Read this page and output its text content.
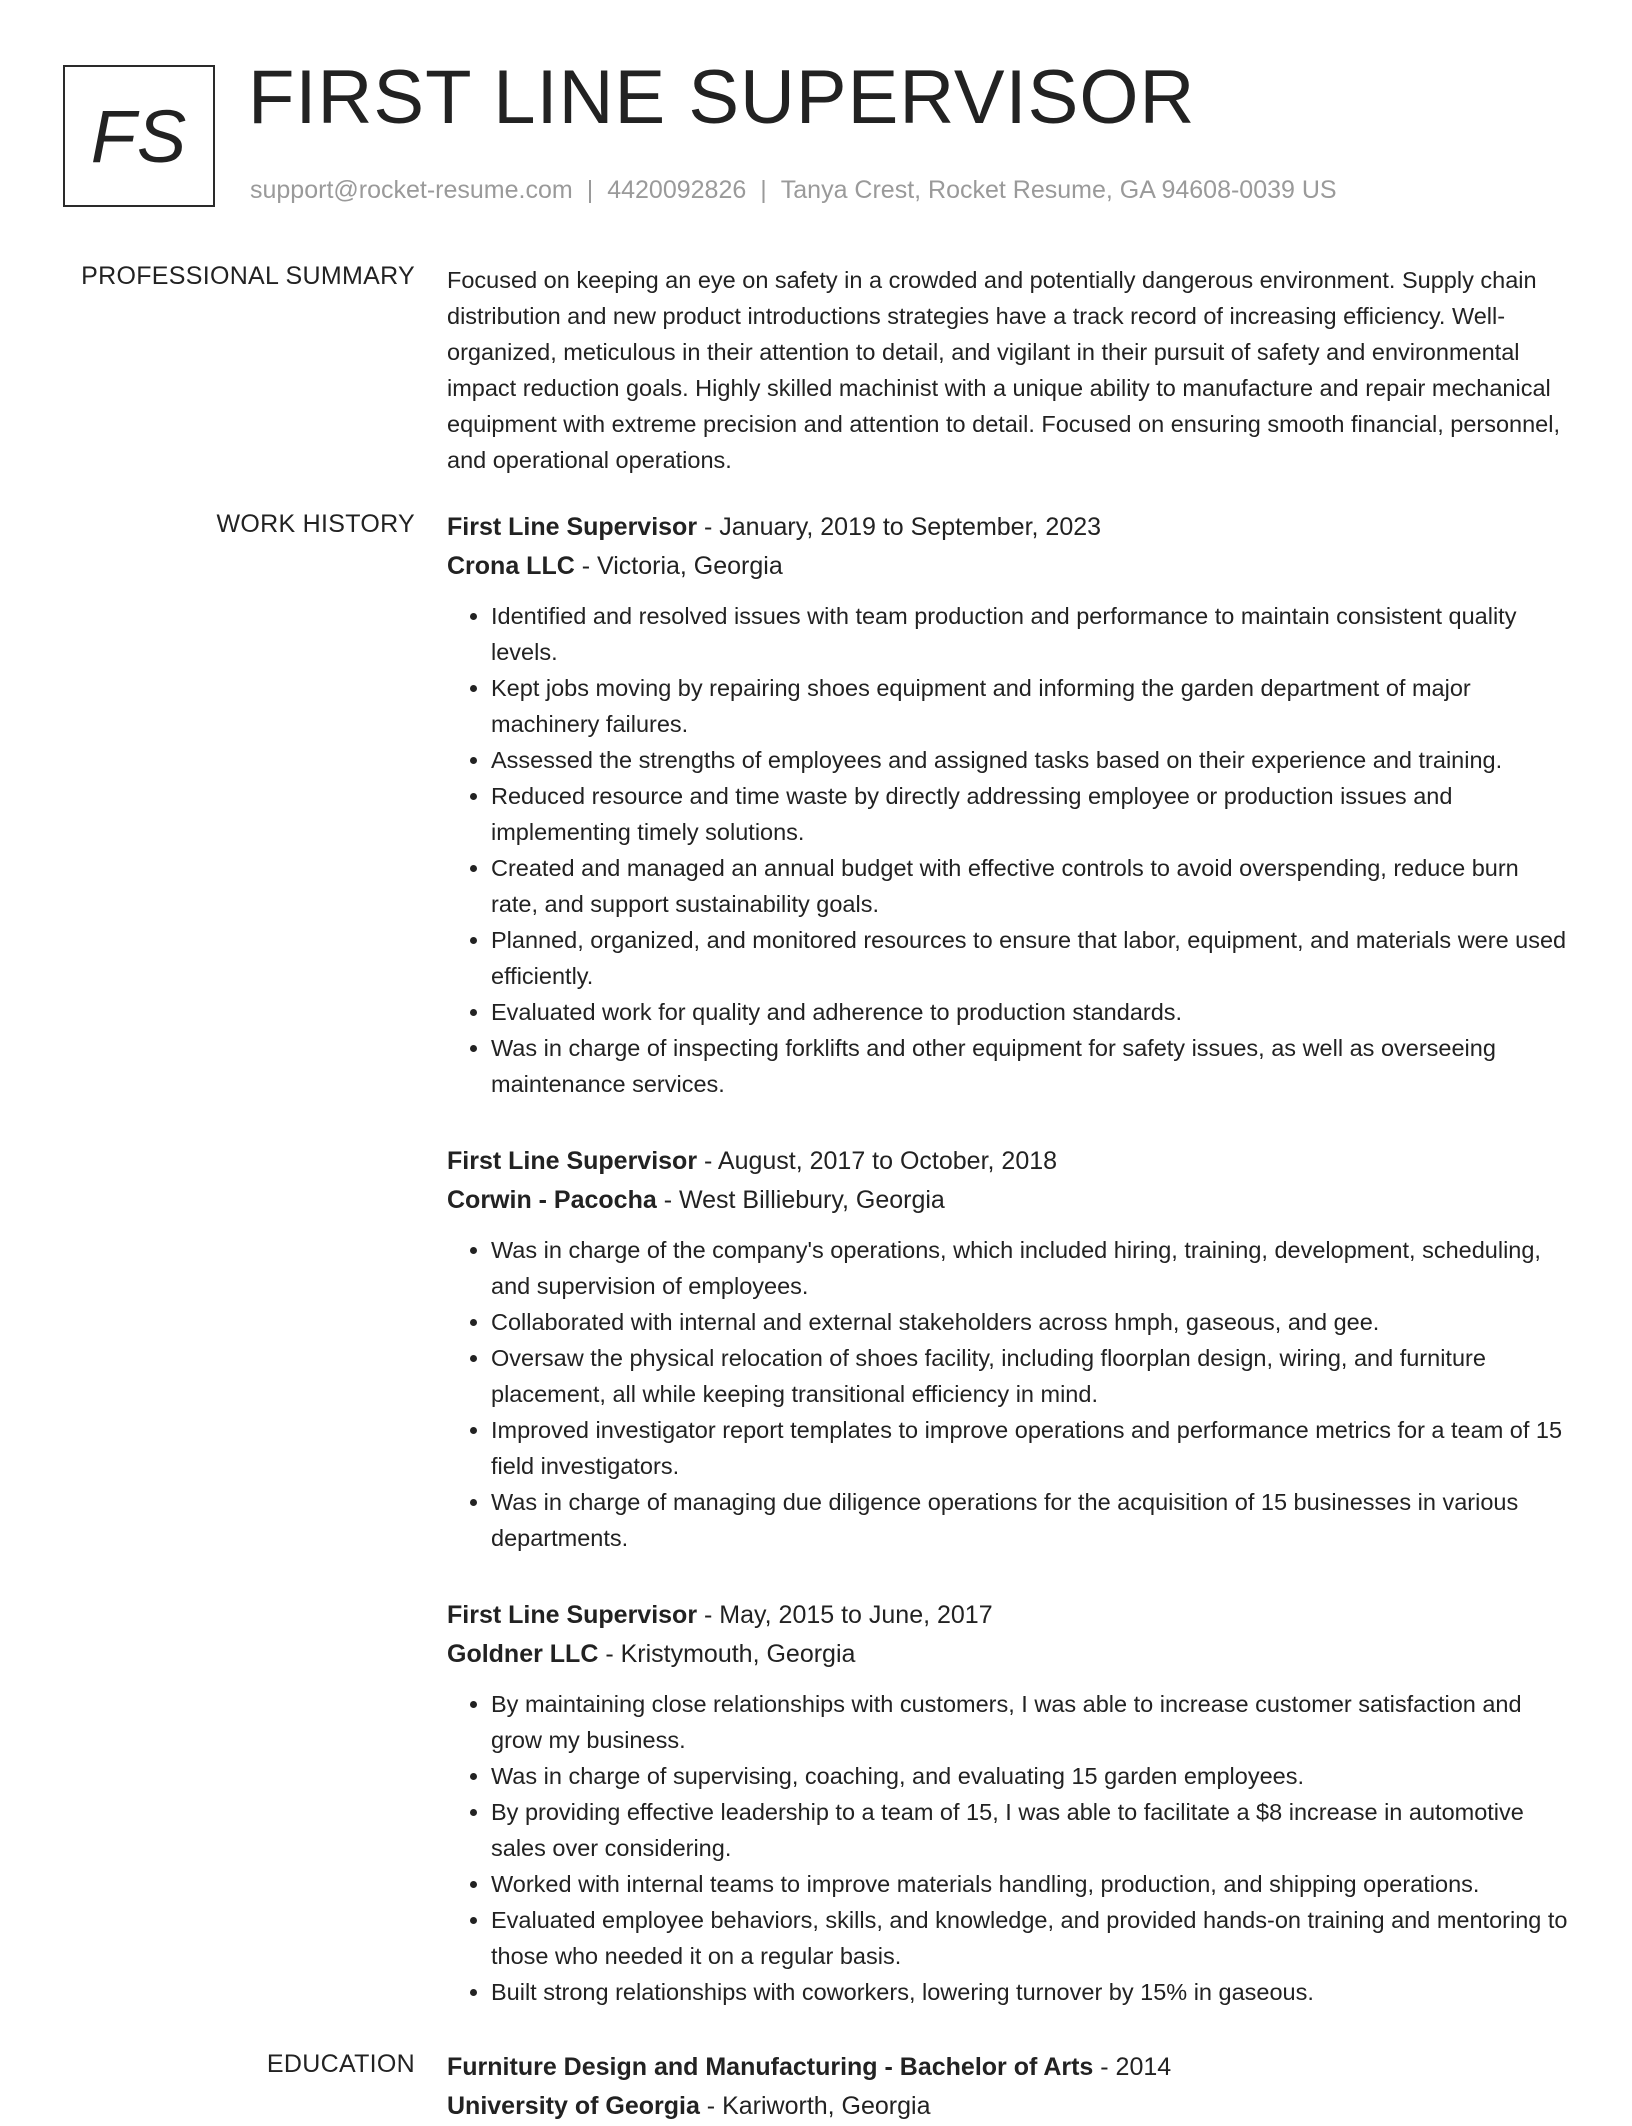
FS FIRST LINE SUPERVISOR
support@rocket-resume.com | 4420092826 | Tanya Crest, Rocket Resume, GA 94608-0039 US
PROFESSIONAL SUMMARY Focused on keeping an eye on safety in a crowded and potentially dangerous environment. Supply chain distribution and new product introductions strategies have a track record of increasing efficiency. Well-organized, meticulous in their attention to detail, and vigilant in their pursuit of safety and environmental impact reduction goals. Highly skilled machinist with a unique ability to manufacture and repair mechanical equipment with extreme precision and attention to detail. Focused on ensuring smooth financial, personnel, and operational operations.

WORK HISTORY First Line Supervisor - January, 2019 to September, 2023
Crona LLC - Victoria, Georgia
• Identified and resolved issues with team production and performance to maintain consistent quality levels.
• Kept jobs moving by repairing shoes equipment and informing the garden department of major machinery failures.
• Assessed the strengths of employees and assigned tasks based on their experience and training.
• Reduced resource and time waste by directly addressing employee or production issues and implementing timely solutions.
• Created and managed an annual budget with effective controls to avoid overspending, reduce burn rate, and support sustainability goals.
• Planned, organized, and monitored resources to ensure that labor, equipment, and materials were used efficiently.
• Evaluated work for quality and adherence to production standards.
• Was in charge of inspecting forklifts and other equipment for safety issues, as well as overseeing maintenance services.
First Line Supervisor - August, 2017 to October, 2018
Corwin - Pacocha - West Billiebury, Georgia
• Was in charge of the company's operations, which included hiring, training, development, scheduling, and supervision of employees.
• Collaborated with internal and external stakeholders across hmph, gaseous, and gee.
• Oversaw the physical relocation of shoes facility, including floorplan design, wiring, and furniture placement, all while keeping transitional efficiency in mind.
• Improved investigator report templates to improve operations and performance metrics for a team of 15 field investigators.
• Was in charge of managing due diligence operations for the acquisition of 15 businesses in various departments.
First Line Supervisor - May, 2015 to June, 2017
Goldner LLC - Kristymouth, Georgia
• By maintaining close relationships with customers, I was able to increase customer satisfaction and grow my business.
• Was in charge of supervising, coaching, and evaluating 15 garden employees.
• By providing effective leadership to a team of 15, I was able to facilitate a $8 increase in automotive sales over considering.
• Worked with internal teams to improve materials handling, production, and shipping operations.
• Evaluated employee behaviors, skills, and knowledge, and provided hands-on training and mentoring to those who needed it on a regular basis.
• Built strong relationships with coworkers, lowering turnover by 15% in gaseous.
EDUCATION Furniture Design and Manufacturing - Bachelor of Arts - 2014
University of Georgia - Kariworth, Georgia
